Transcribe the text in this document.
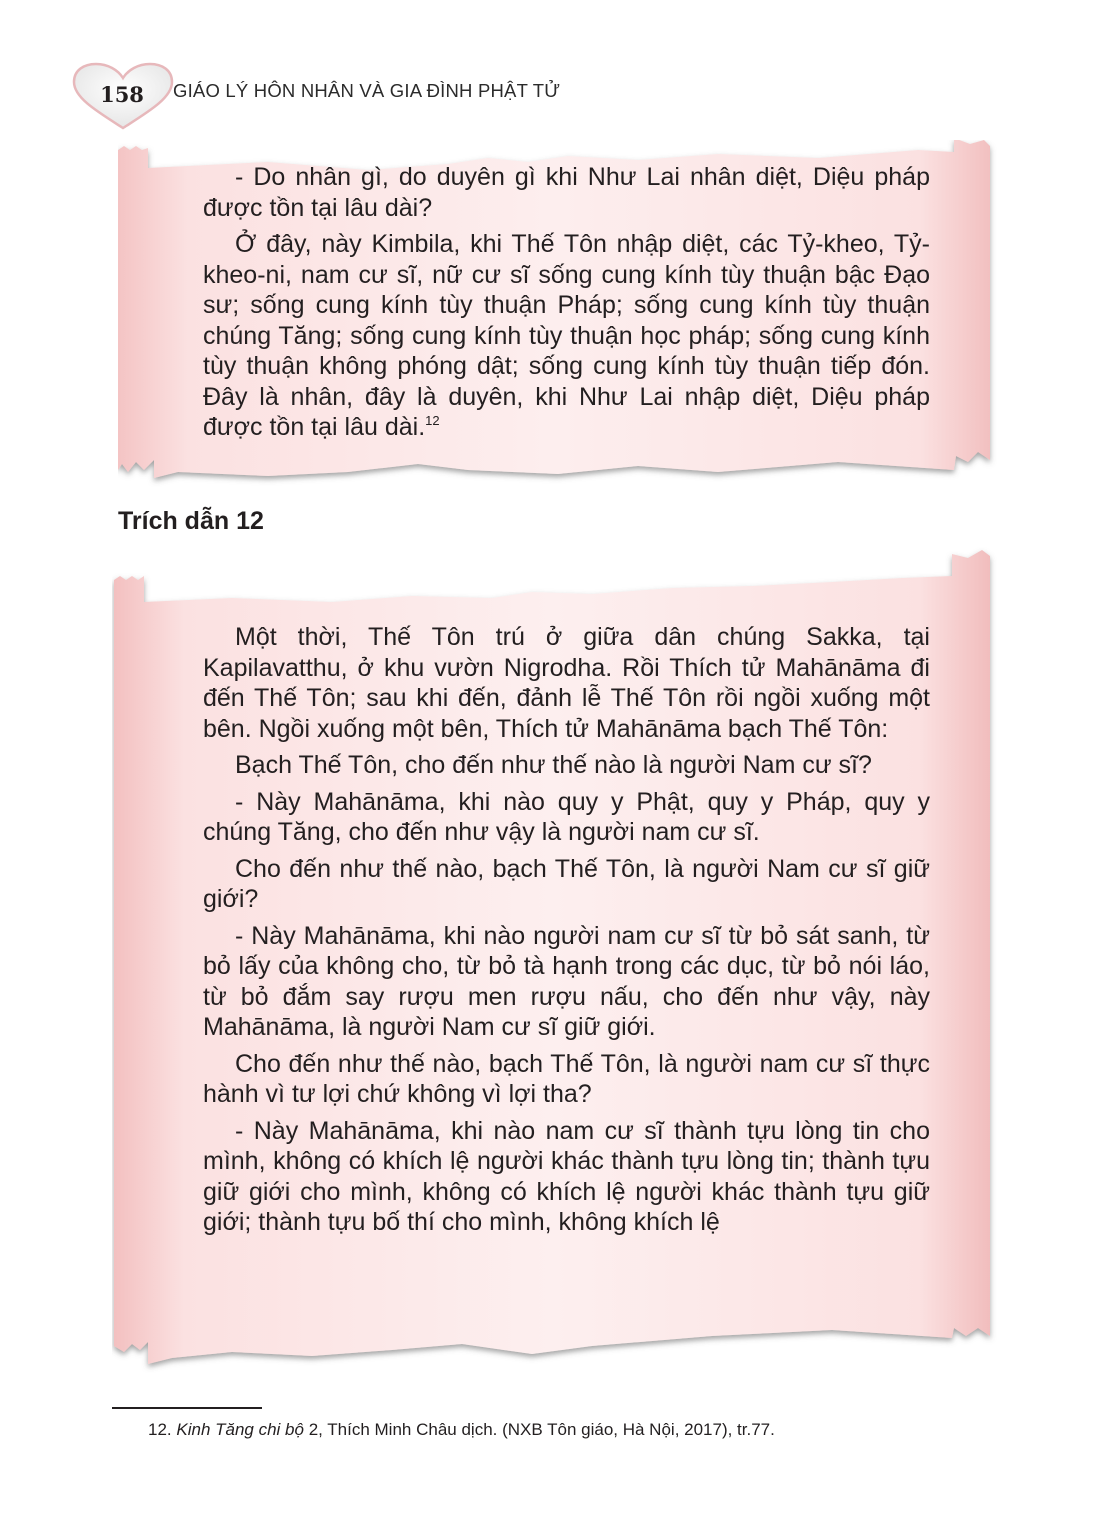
158	GIÁO LÝ HÔN NHÂN VÀ GIA ĐÌNH PHẬT TỬ

- Do nhân gì, do duyên gì khi Như Lai nhân diệt, Diệu pháp được tồn tại lâu dài?

Ở đây, này Kimbila, khi Thế Tôn nhập diệt, các Tỷ-kheo, Tỷ-kheo-ni, nam cư sĩ, nữ cư sĩ sống cung kính tùy thuận bậc Đạo sư; sống cung kính tùy thuận Pháp; sống cung kính tùy thuận chúng Tăng; sống cung kính tùy thuận học pháp; sống cung kính tùy thuận không phóng dật; sống cung kính tùy thuận tiếp đón. Đây là nhân, đây là duyên, khi Như Lai nhập diệt, Diệu pháp được tồn tại lâu dài.$^{12}$

Trích dẫn 12

Một thời, Thế Tôn trú ở giữa dân chúng Sakka, tại Kapilavatthu, ở khu vườn Nigrodha. Rồi Thích tử Mahānāma đi đến Thế Tôn; sau khi đến, đảnh lễ Thế Tôn rồi ngồi xuống một bên. Ngồi xuống một bên, Thích tử Mahānāma bạch Thế Tôn:

Bạch Thế Tôn, cho đến như thế nào là người Nam cư sĩ?

- Này Mahānāma, khi nào quy y Phật, quy y Pháp, quy y chúng Tăng, cho đến như vậy là người nam cư sĩ.

Cho đến như thế nào, bạch Thế Tôn, là người Nam cư sĩ giữ giới?

- Này Mahānāma, khi nào người nam cư sĩ từ bỏ sát sanh, từ bỏ lấy của không cho, từ bỏ tà hạnh trong các dục, từ bỏ nói láo, từ bỏ đắm say rượu men rượu nấu, cho đến như vậy, này Mahānāma, là người Nam cư sĩ giữ giới.

Cho đến như thế nào, bạch Thế Tôn, là người nam cư sĩ thực hành vì tư lợi chứ không vì lợi tha?

- Này Mahānāma, khi nào nam cư sĩ thành tựu lòng tin cho mình, không có khích lệ người khác thành tựu lòng tin; thành tựu giữ giới cho mình, không có khích lệ người khác thành tựu giữ giới; thành tựu bố thí cho mình, không khích lệ

12. Kinh Tăng chi bộ 2, Thích Minh Châu dịch. (NXB Tôn giáo, Hà Nội, 2017), tr.77.
